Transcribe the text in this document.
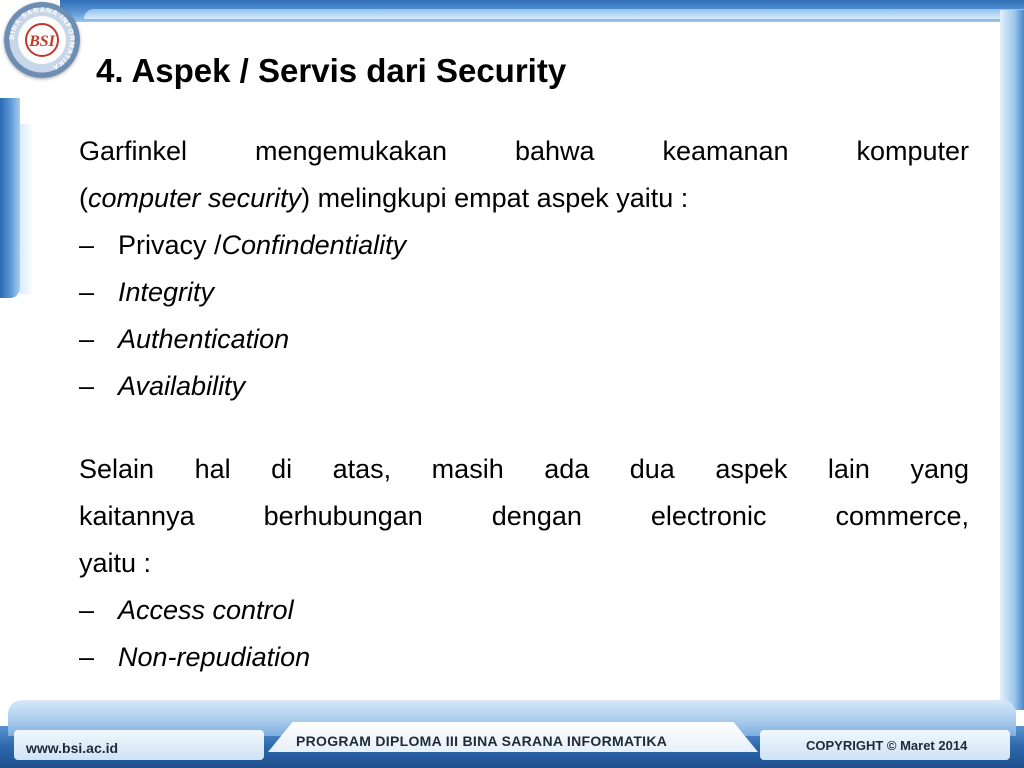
BSI
BINA SARANA INFORMATIKA	4. Aspek / Servis dari Security

Garfinkel mengemukakan bahwa keamanan komputer

(computer security) melingkupi empat aspek yaitu :

– Privacy / Confindentiality
– Integrity
– Authentication
– Availability

Selain hal di atas, masih ada dua aspek lain yang

kaitannya berhubungan dengan electronic commerce,

yaitu :

– Access control
– Non-repudiation
www.bsi.ac.id	PROGRAM DIPLOMA III BINA SARANA INFORMATIKA	COPYRIGHT © Maret 2014
